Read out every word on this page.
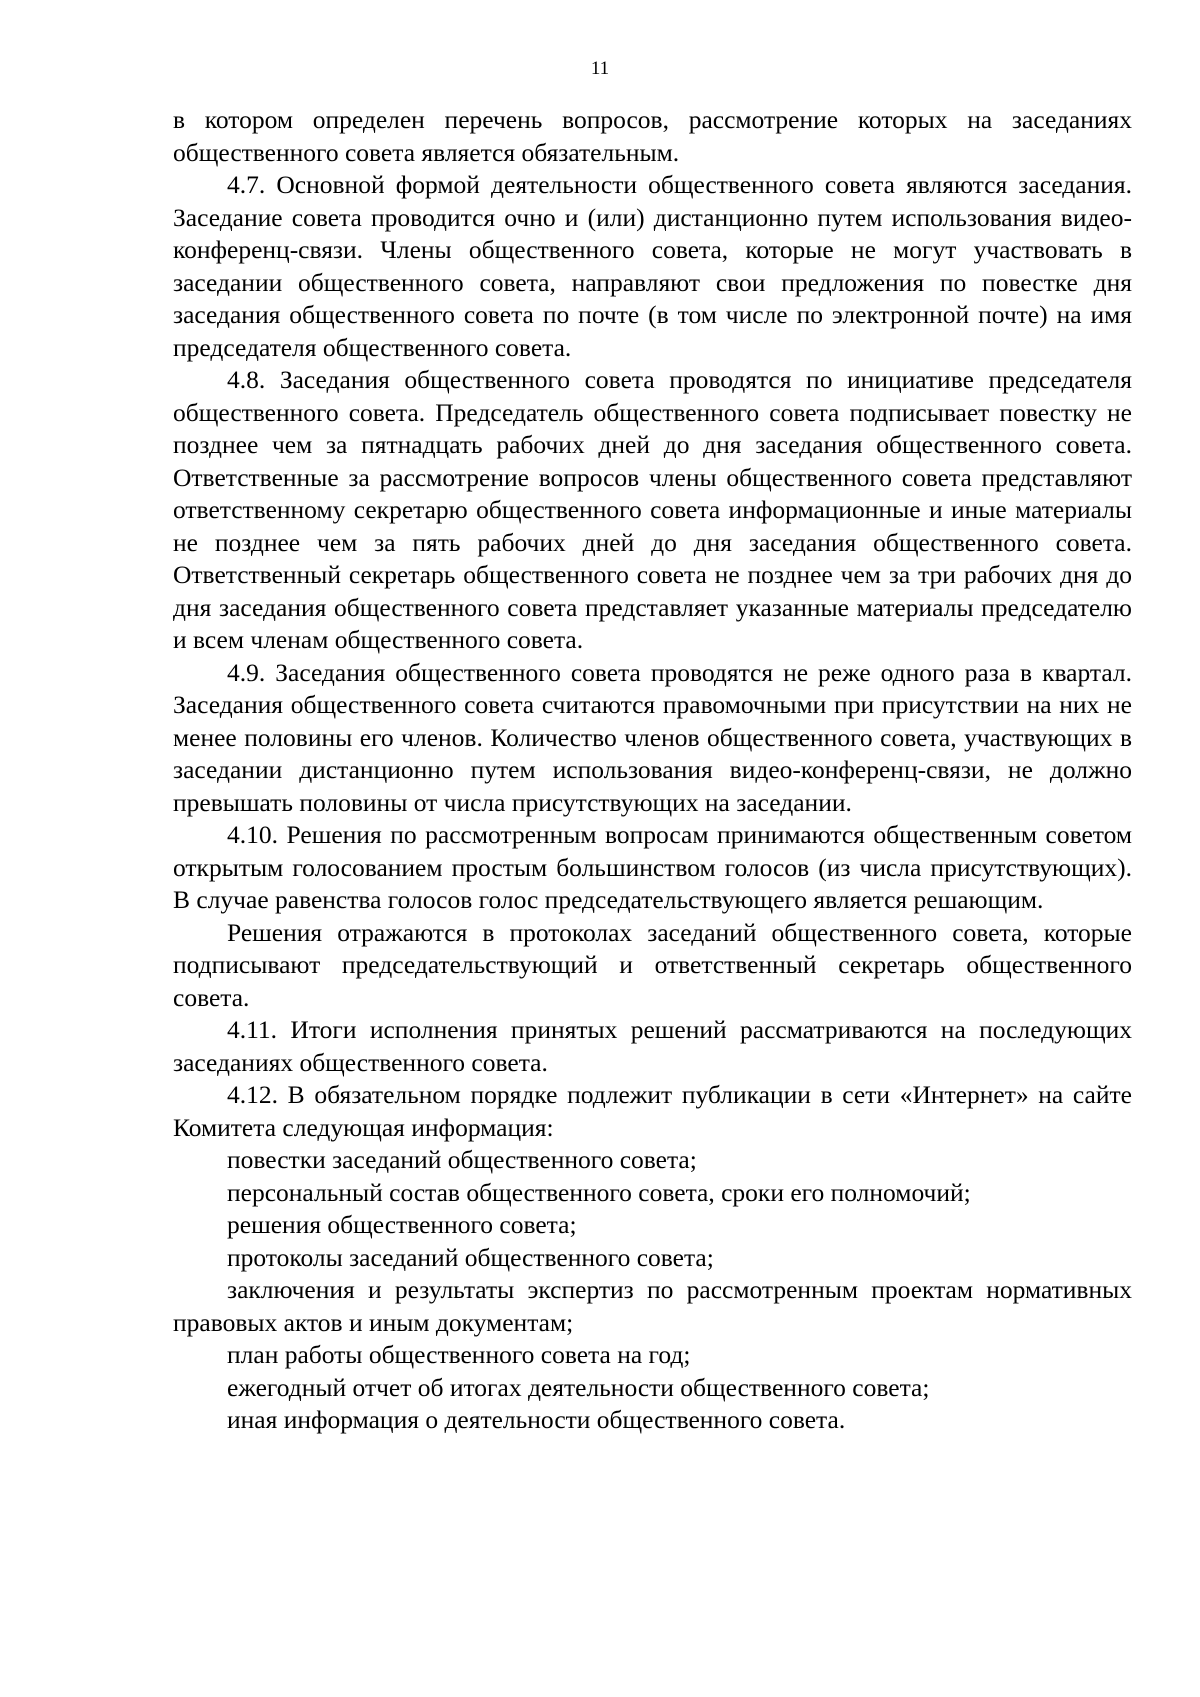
11

в котором определен перечень вопросов, рассмотрение которых на заседаниях общественного совета является обязательным.

4.7. Основной формой деятельности общественного совета являются заседания. Заседание совета проводится очно и (или) дистанционно путем использования видео-конференц-связи. Члены общественного совета, которые не могут участвовать в заседании общественного совета, направляют свои предложения по повестке дня заседания общественного совета по почте (в том числе по электронной почте) на имя председателя общественного совета.

4.8. Заседания общественного совета проводятся по инициативе председателя общественного совета. Председатель общественного совета подписывает повестку не позднее чем за пятнадцать рабочих дней до дня заседания общественного совета. Ответственные за рассмотрение вопросов члены общественного совета представляют ответственному секретарю общественного совета информационные и иные материалы не позднее чем за пять рабочих дней до дня заседания общественного совета. Ответственный секретарь общественного совета не позднее чем за три рабочих дня до дня заседания общественного совета представляет указанные материалы председателю и всем членам общественного совета.

4.9. Заседания общественного совета проводятся не реже одного раза в квартал. Заседания общественного совета считаются правомочными при присутствии на них не менее половины его членов. Количество членов общественного совета, участвующих в заседании дистанционно путем использования видео-конференц-связи, не должно превышать половины от числа присутствующих на заседании.

4.10. Решения по рассмотренным вопросам принимаются общественным советом открытым голосованием простым большинством голосов (из числа присутствующих). В случае равенства голосов голос председательствующего является решающим.

Решения отражаются в протоколах заседаний общественного совета, которые подписывают председательствующий и ответственный секретарь общественного совета.

4.11. Итоги исполнения принятых решений рассматриваются на последующих заседаниях общественного совета.

4.12. В обязательном порядке подлежит публикации в сети «Интернет» на сайте Комитета следующая информация:

повестки заседаний общественного совета;

персональный состав общественного совета, сроки его полномочий;

решения общественного совета;

протоколы заседаний общественного совета;

заключения и результаты экспертиз по рассмотренным проектам нормативных правовых актов и иным документам;

план работы общественного совета на год;

ежегодный отчет об итогах деятельности общественного совета;

иная информация о деятельности общественного совета.
